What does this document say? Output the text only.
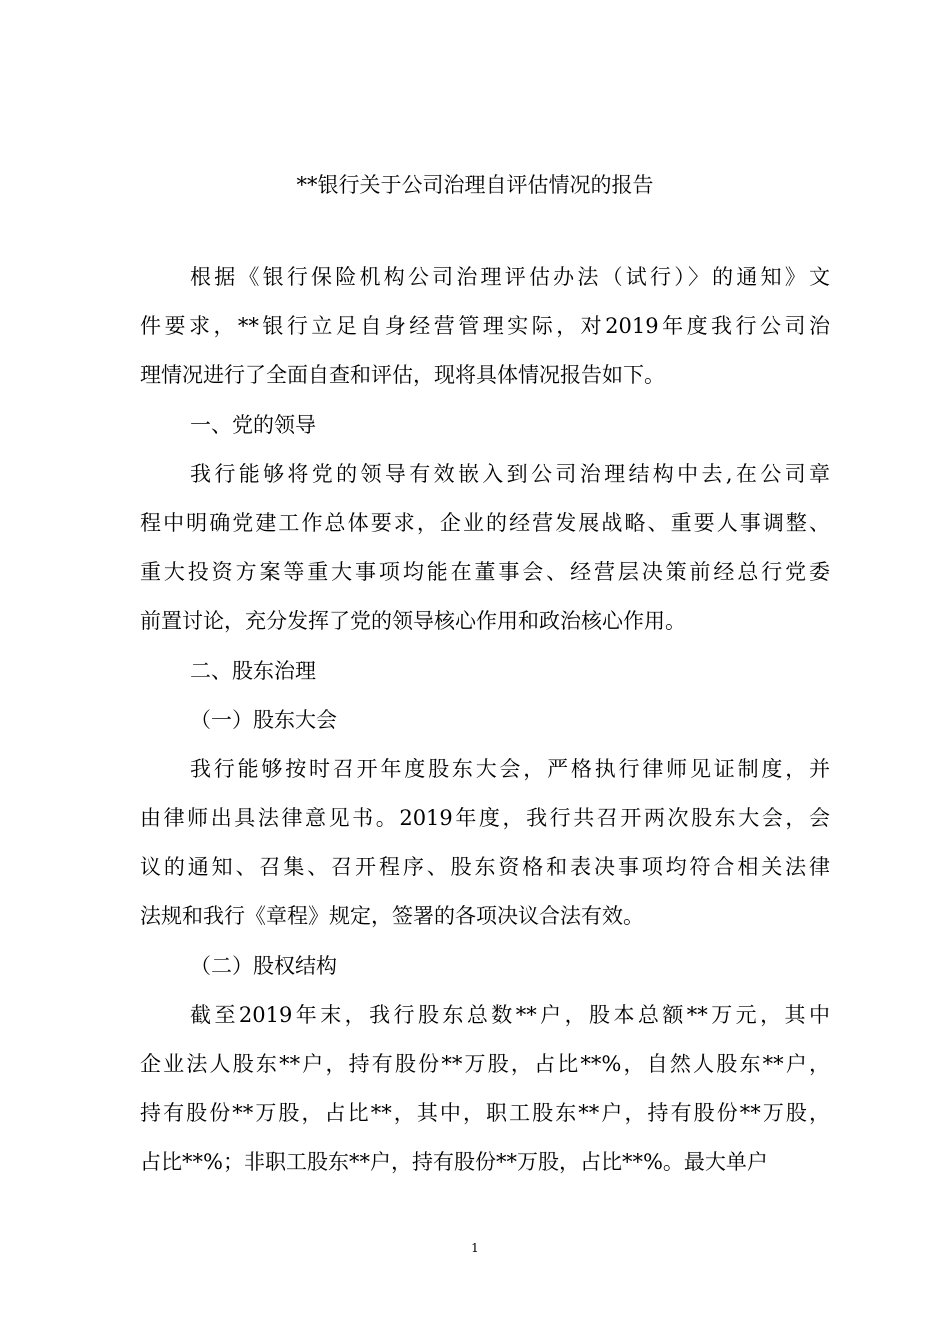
**银行关于公司治理自评估情况的报告

根据《银行保险机构公司治理评估办法（试行）〉的通知》文

件要求，**银行立足自身经营管理实际，对2019年度我行公司治

理情况进行了全面自查和评估，现将具体情况报告如下。

一、党的领导

我行能够将党的领导有效嵌入到公司治理结构中去,在公司章

程中明确党建工作总体要求，企业的经营发展战略、重要人事调整、

重大投资方案等重大事项均能在董事会、经营层决策前经总行党委

前置讨论，充分发挥了党的领导核心作用和政治核心作用。

二、股东治理

（一）股东大会

我行能够按时召开年度股东大会，严格执行律师见证制度，并

由律师出具法律意见书。2019年度，我行共召开两次股东大会，会

议的通知、召集、召开程序、股东资格和表决事项均符合相关法律

法规和我行《章程》规定，签署的各项决议合法有效。

（二）股权结构

截至2019年末，我行股东总数**户，股本总额**万元，其中

企业法人股东**户，持有股份**万股，占比**%，自然人股东**户，

持有股份**万股，占比**，其中，职工股东**户，持有股份**万股，

占比**%；非职工股东**户，持有股份**万股，占比**%。最大单户

1
